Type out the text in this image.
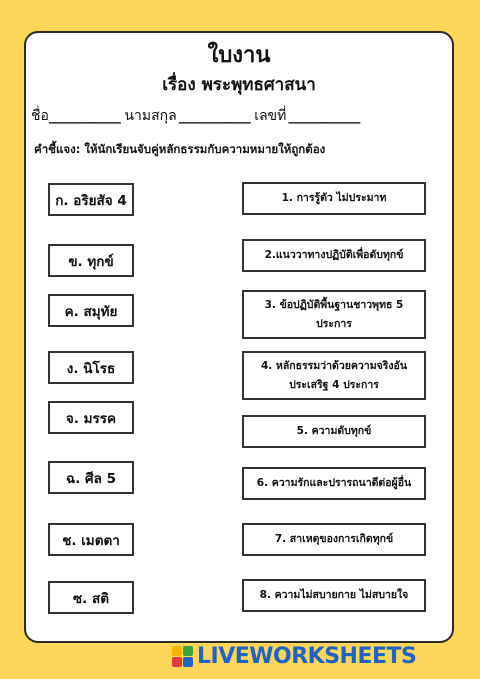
ใบงาน
เรื่อง พระพุทธศาสนา
ชื่อ ___________ นามสกุล ___________ เลขที่ ___________
คำชี้แจง: ให้นักเรียนจับคู่หลักธรรมกับความหมายให้ถูกต้อง
ก. อริยสัจ 4
ข. ทุกข์
ค. สมุทัย
ง. นิโรธ
จ. มรรค
ฉ. ศีล 5
ช. เมตตา
ซ. สติ
1. การรู้ตัว ไม่ประมาท
2.แนววาทางปฏิบัติเพื่อดับทุกข์
3. ข้อปฏิบัติพื้นฐานชาวพุทธ 5 ประการ
4. หลักธรรมว่าด้วยความจริงอัน ประเสริฐ 4 ประการ
5. ความดับทุกข์
6. ความรักและปรารถนาดีต่อผู้อื่น
7. สาเหตุของการเกิดทุกข์
8. ความไม่สบายกาย ไม่สบายใจ
LIVEWORKSHEETS
